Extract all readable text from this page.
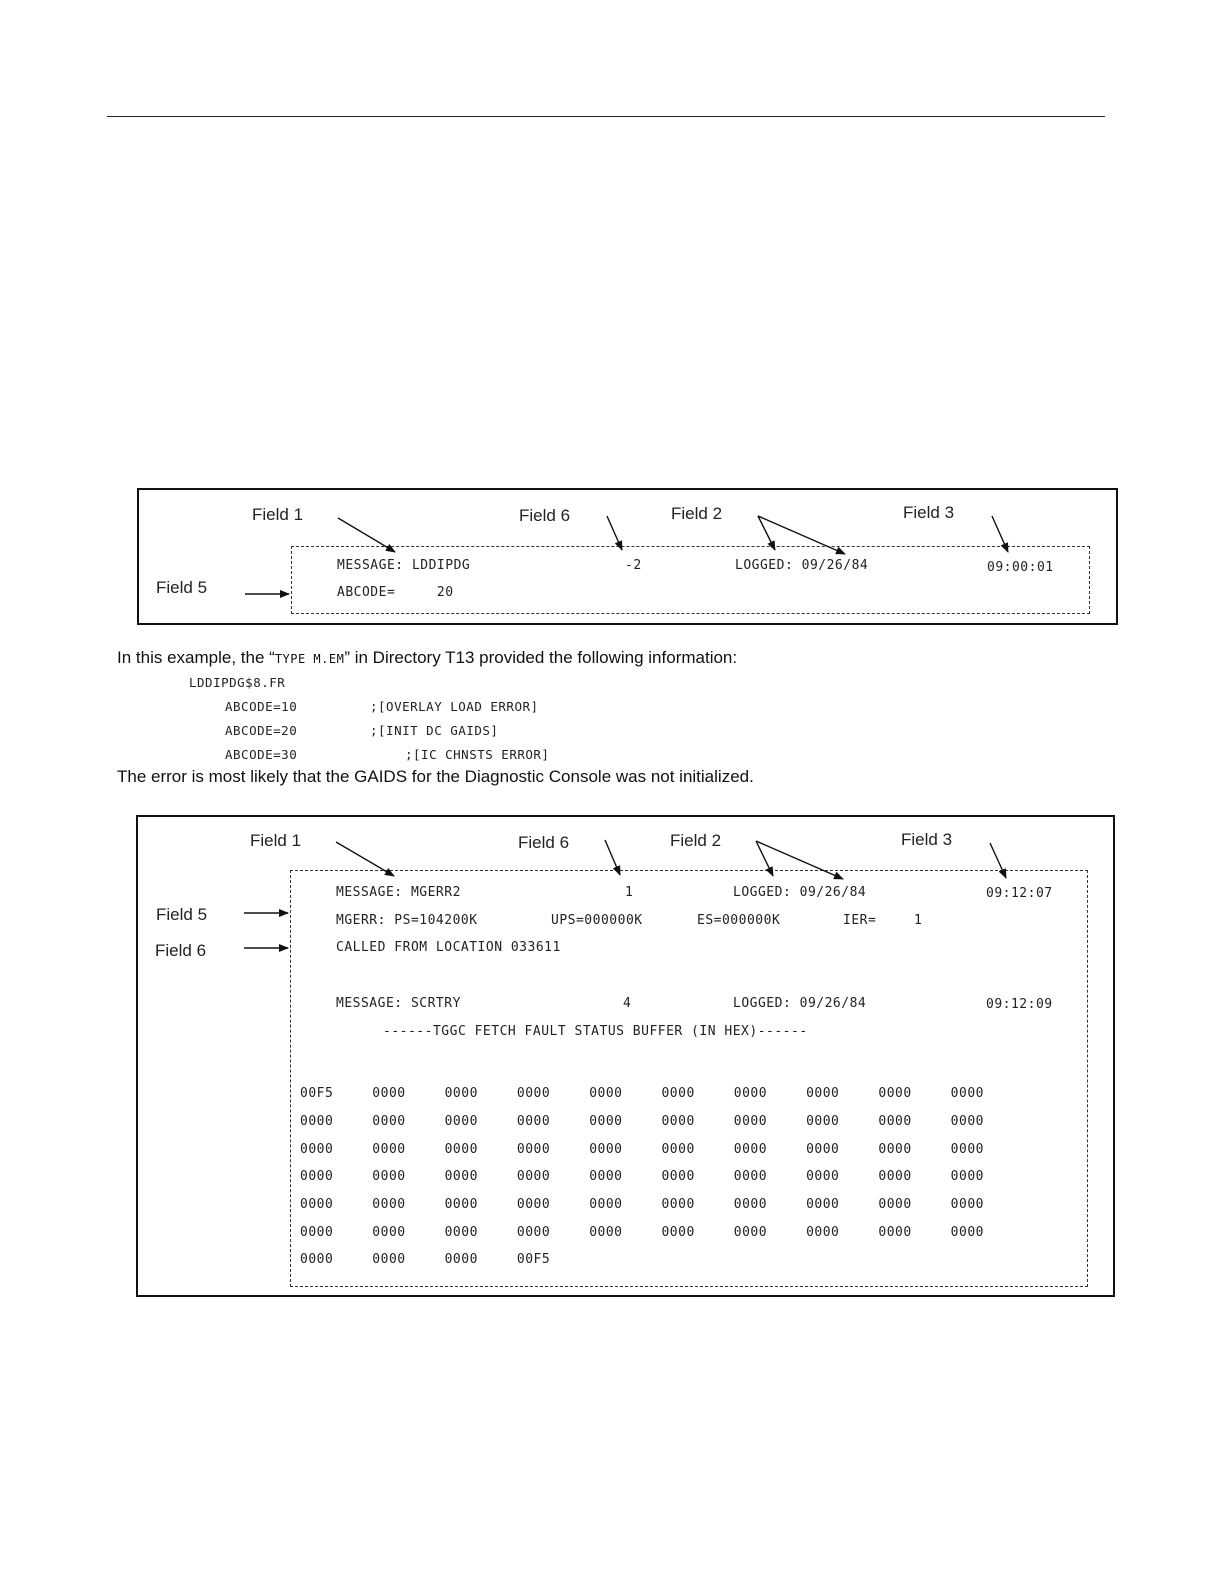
Field 1	Field 6	Field 2	Field 3
Field 5
MESSAGE: LDDIPDG	-2	LOGGED: 09/26/84	09:00:01
ABCODE=     20
In this example, the “TYPE M.EM” in Directory T13 provided the following information:
LDDIPDG$8.FR
ABCODE=10	;[OVERLAY LOAD ERROR]
ABCODE=20	;[INIT DC GAIDS]
ABCODE=30	;[IC CHNSTS ERROR]
The error is most likely that the GAIDS for the Diagnostic Console was not initialized.
Field 1	Field 6	Field 2	Field 3
Field 5
Field 6
MESSAGE: MGERR2	1	LOGGED: 09/26/84	09:12:07
MGERR: PS=104200K	UPS=000000K	ES=000000K	IER=	1
CALLED FROM LOCATION 033611
MESSAGE: SCRTRY	4	LOGGED: 09/26/84	09:12:09
------TGGC FETCH FAULT STATUS BUFFER (IN HEX)------
00F5	0000	0000	0000	0000	0000	0000	0000	0000	0000
0000	0000	0000	0000	0000	0000	0000	0000	0000	0000
0000	0000	0000	0000	0000	0000	0000	0000	0000	0000
0000	0000	0000	0000	0000	0000	0000	0000	0000	0000
0000	0000	0000	0000	0000	0000	0000	0000	0000	0000
0000	0000	0000	0000	0000	0000	0000	0000	0000	0000
0000	0000	0000	00F5
